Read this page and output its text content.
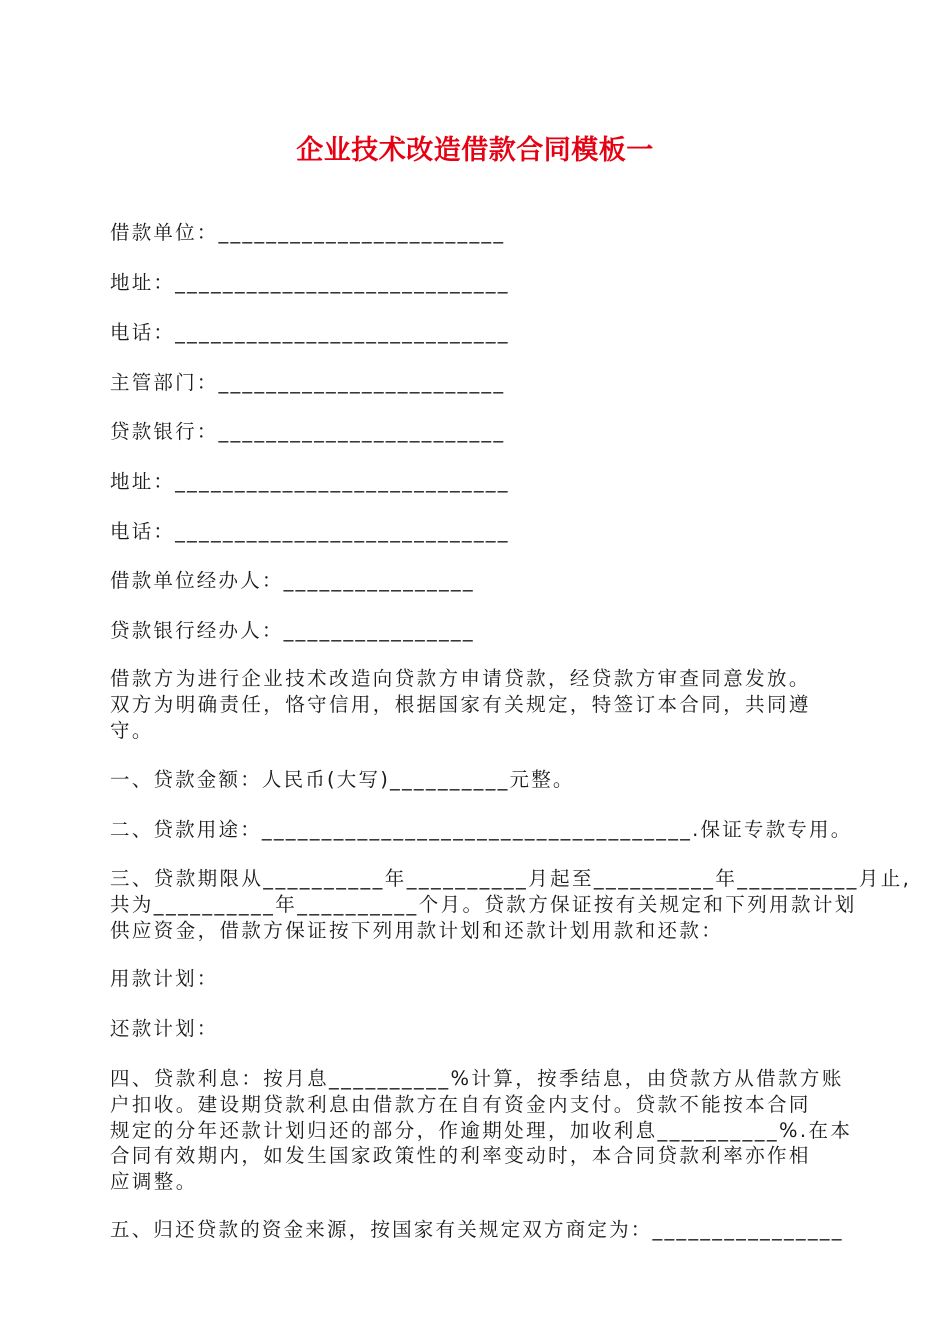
企业技术改造借款合同模板一

借款单位：________________________

地址：____________________________

电话：____________________________

主管部门：________________________

贷款银行：________________________

地址：____________________________

电话：____________________________

借款单位经办人：________________

贷款银行经办人：________________

借款方为进行企业技术改造向贷款方申请贷款，经贷款方审查同意发放。
双方为明确责任，恪守信用，根据国家有关规定，特签订本合同，共同遵
守。

一、贷款金额：人民币(大写)__________元整。

二、贷款用途：____________________________________.保证专款专用。

三、贷款期限从__________年__________月起至__________年__________月止,
共为__________年__________个月。贷款方保证按有关规定和下列用款计划
供应资金，借款方保证按下列用款计划和还款计划用款和还款：

用款计划：

还款计划：

四、贷款利息：按月息__________%计算，按季结息，由贷款方从借款方账
户扣收。建设期贷款利息由借款方在自有资金内支付。贷款不能按本合同
规定的分年还款计划归还的部分，作逾期处理，加收利息__________%.在本
合同有效期内，如发生国家政策性的利率变动时，本合同贷款利率亦作相
应调整。

五、归还贷款的资金来源，按国家有关规定双方商定为：________________
